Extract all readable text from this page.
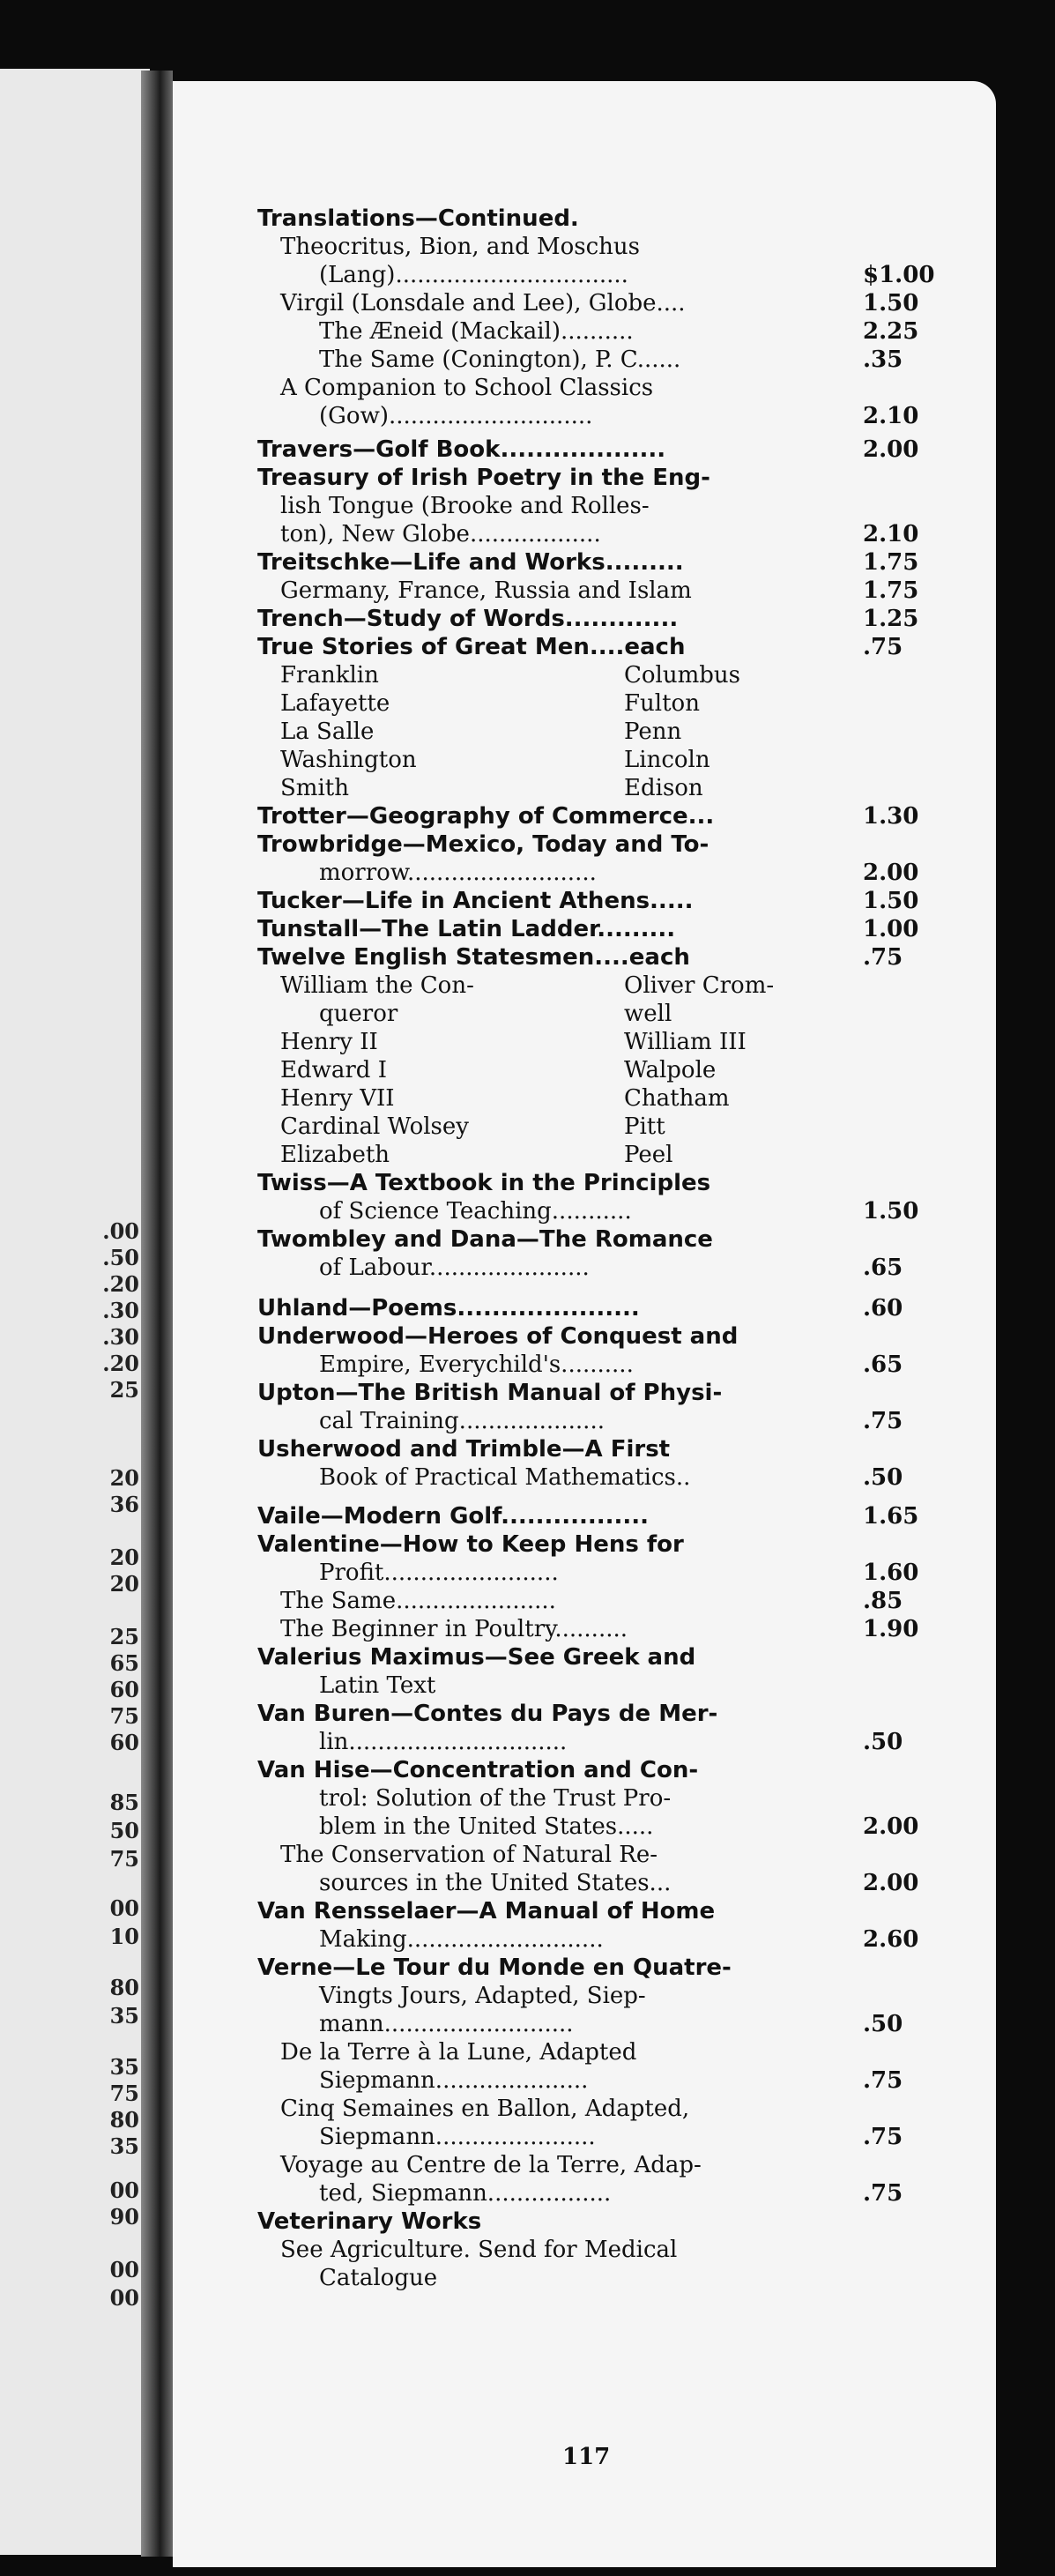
.00
.50
.20
.30
.30
.20
25
20
36
20
20
25
65
60
75
60
85
50
75
00
10
80
35
35
75
80
35
00
90
00
00
Translations—Continued.
Theocritus, Bion, and Moschus
(Lang)................................	$1.00
Virgil (Lonsdale and Lee), Globe....	1.50
The Æneid (Mackail)..........	2.25
The Same (Conington), P. C......	.35
A Companion to School Classics
(Gow)............................	2.10
Travers—Golf Book...................	2.00
Treasury of Irish Poetry in the Eng-
lish Tongue (Brooke and Rolles-
ton), New Globe..................	2.10
Treitschke—Life and Works.........	1.75
Germany, France, Russia and Islam	1.75
Trench—Study of Words.............	1.25
True Stories of Great Men....each	.75
Franklin	Columbus
Lafayette	Fulton
La Salle	Penn
Washington	Lincoln
Smith	Edison
Trotter—Geography of Commerce...	1.30
Trowbridge—Mexico, Today and To-
morrow..........................	2.00
Tucker—Life in Ancient Athens.....	1.50
Tunstall—The Latin Ladder.........	1.00
Twelve English Statesmen....each	.75
William the Con-	Oliver Crom-
queror	well
Henry II	William III
Edward I	Walpole
Henry VII	Chatham
Cardinal Wolsey	Pitt
Elizabeth	Peel
Twiss—A Textbook in the Principles
of Science Teaching...........	1.50
Twombley and Dana—The Romance
of Labour......................	.65
Uhland—Poems.....................	.60
Underwood—Heroes of Conquest and
Empire, Everychild's..........	.65
Upton—The British Manual of Physi-
cal Training....................	.75
Usherwood and Trimble—A First
Book of Practical Mathematics..	.50
Vaile—Modern Golf.................	1.65
Valentine—How to Keep Hens for
Profit........................	1.60
The Same......................	.85
The Beginner in Poultry..........	1.90
Valerius Maximus—See Greek and
Latin Text
Van Buren—Contes du Pays de Mer-
lin..............................	.50
Van Hise—Concentration and Con-
trol: Solution of the Trust Pro-
blem in the United States.....	2.00
The Conservation of Natural Re-
sources in the United States...	2.00
Van Rensselaer—A Manual of Home
Making...........................	2.60
Verne—Le Tour du Monde en Quatre-
Vingts Jours, Adapted, Siep-
mann..........................	.50
De la Terre à la Lune, Adapted
Siepmann.....................	.75
Cinq Semaines en Ballon, Adapted,
Siepmann......................	.75
Voyage au Centre de la Terre, Adap-
ted, Siepmann.................	.75
Veterinary Works
See Agriculture. Send for Medical
Catalogue
117
